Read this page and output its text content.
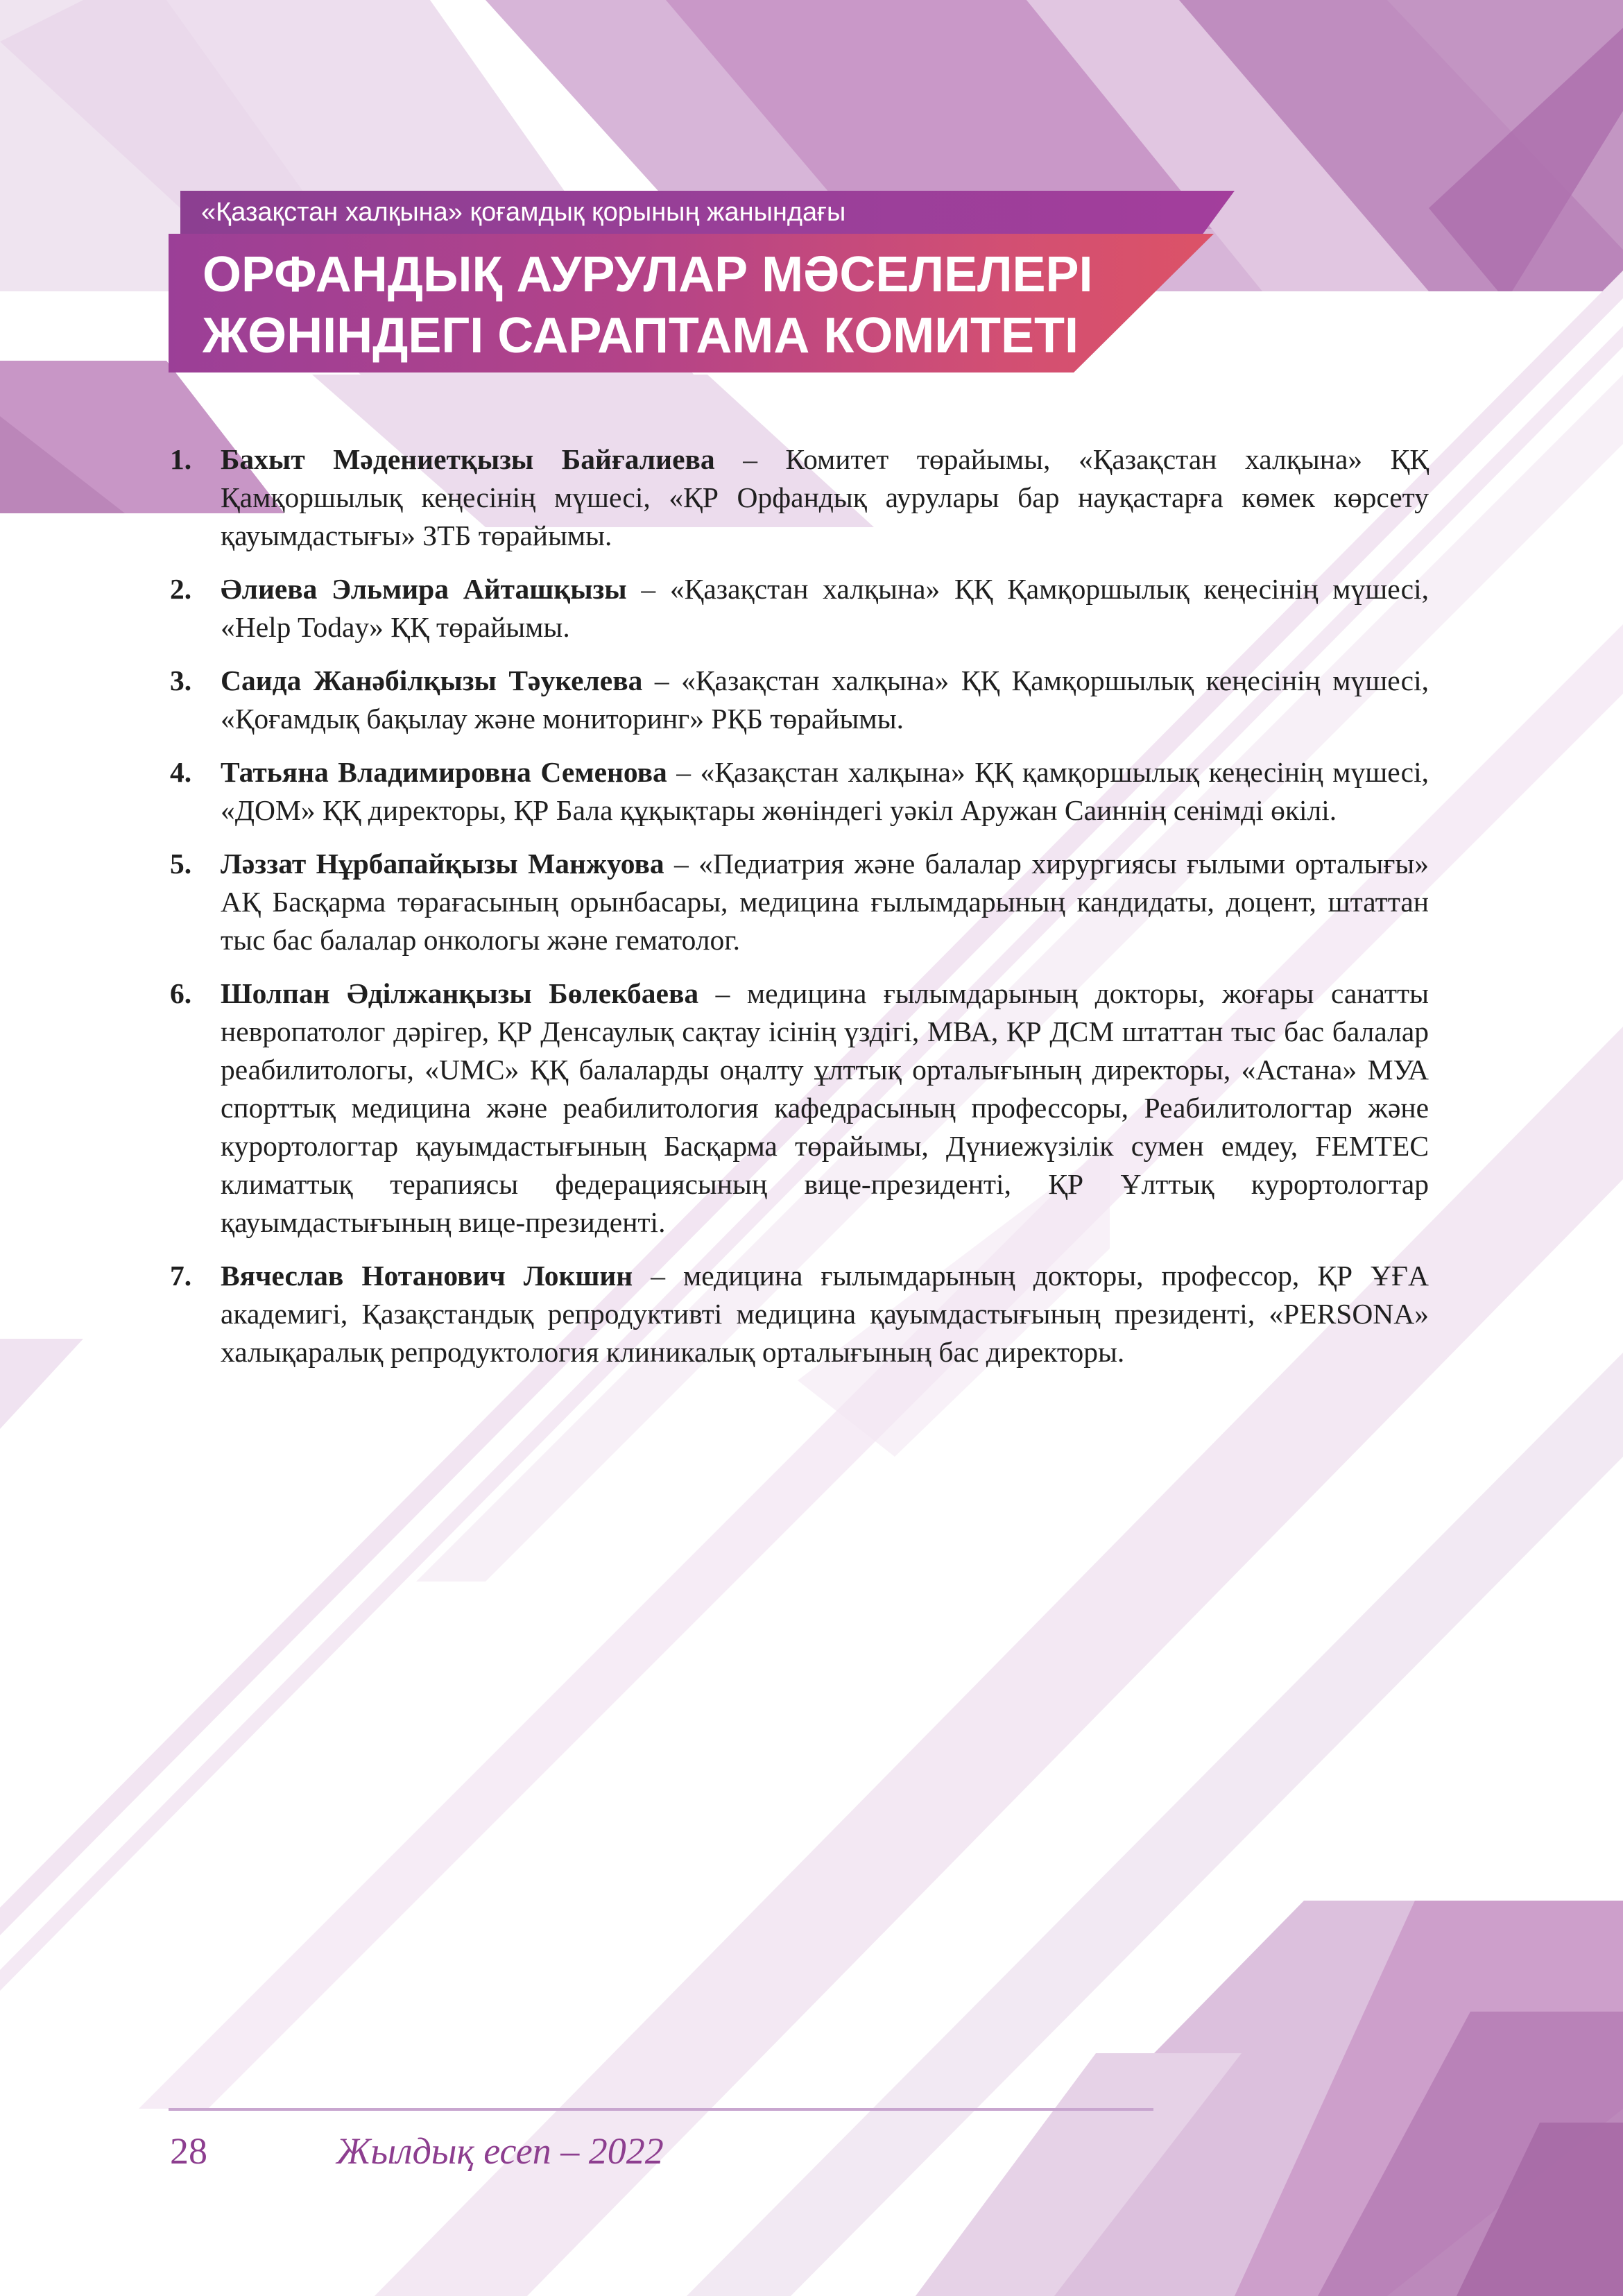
«Қазақстан халқына» қоғамдық қорының жанындағы
ОРФАНДЫҚ АУРУЛАР МӘСЕЛЕЛЕРІ
ЖӨНІНДЕГІ САРАПТАМА КОМИТЕТІ
1. Бахыт Мәдениетқызы Байғалиева – Комитет төрайымы, «Қазақстан халқына» ҚҚ Қамқоршылық кеңесінің мүшесі, «ҚР Орфандық аурулары бар науқастарға көмек көрсету қауымдастығы» ЗТБ төрайымы.
2. Әлиева Эльмира Айташқызы – «Қазақстан халқына» ҚҚ Қамқоршылық кеңесінің мүшесі, «Help Today» ҚҚ төрайымы.
3. Саида Жанәбілқызы Тәукелева – «Қазақстан халқына» ҚҚ Қамқоршылық кеңесінің мүшесі, «Қоғамдық бақылау және мониторинг» РҚБ төрайымы.
4. Татьяна Владимировна Семенова – «Қазақстан халқына» ҚҚ қамқоршылық кеңесінің мүшесі, «ДОМ» ҚҚ директоры, ҚР Бала құқықтары жөніндегі уәкіл Аружан Саиннің сенімді өкілі.
5. Ләззат Нұрбапайқызы Манжуова – «Педиатрия және балалар хирургиясы ғылыми орталығы» АҚ Басқарма төрағасының орынбасары, медицина ғылымдарының кандидаты, доцент, штаттан тыс бас балалар онкологы және гематолог.
6. Шолпан Әділжанқызы Бөлекбаева – медицина ғылымдарының докторы, жоғары санатты невропатолог дәрігер, ҚР Денсаулық сақтау ісінің үздігі, МВА, ҚР ДСМ штаттан тыс бас балалар реабилитологы, «UMC» ҚҚ балаларды оңалту ұлттық орталығының директоры, «Астана» МУА спорттық медицина және реабилитология кафедрасының профессоры, Реабилитологтар және курортологтар қауымдастығының Басқарма төрайымы, Дүниежүзілік сумен емдеу, FEMTEC климаттық терапиясы федерациясының вице-президенті, ҚР Ұлттық курортологтар қауымдастығының вице-президенті.
7. Вячеслав Нотанович Локшин – медицина ғылымдарының докторы, профессор, ҚР ҰҒА академигі, Қазақстандық репродуктивті медицина қауымдастығының президенті, «PERSONA» халықаралық репродуктология клиникалық орталығының бас директоры.
28	Жылдық есеп – 2022
